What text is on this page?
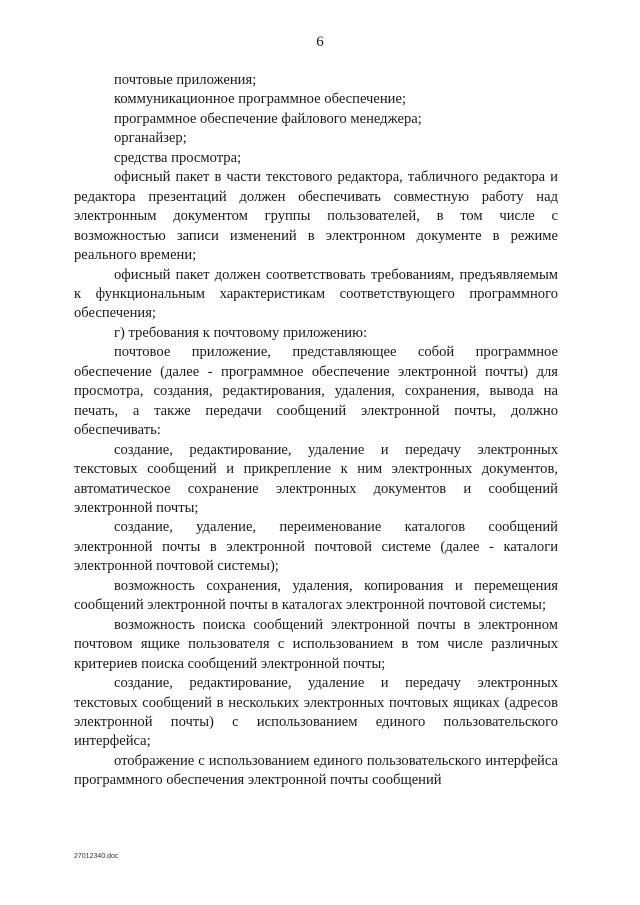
6

почтовые приложения;

коммуникационное программное обеспечение;

программное обеспечение файлового менеджера;

органайзер;

средства просмотра;

офисный пакет в части текстового редактора, табличного редактора и редактора презентаций должен обеспечивать совместную работу над электронным документом группы пользователей, в том числе с возможностью записи изменений в электронном документе в режиме реального времени;

офисный пакет должен соответствовать требованиям, предъявляемым к функциональным характеристикам соответствующего программного обеспечения;

г) требования к почтовому приложению:

почтовое приложение, представляющее собой программное обеспечение (далее - программное обеспечение электронной почты) для просмотра, создания, редактирования, удаления, сохранения, вывода на печать, а также передачи сообщений электронной почты, должно обеспечивать:

создание, редактирование, удаление и передачу электронных текстовых сообщений и прикрепление к ним электронных документов, автоматическое сохранение электронных документов и сообщений электронной почты;

создание, удаление, переименование каталогов сообщений электронной почты в электронной почтовой системе (далее - каталоги электронной почтовой системы);

возможность сохранения, удаления, копирования и перемещения сообщений электронной почты в каталогах электронной почтовой системы;

возможность поиска сообщений электронной почты в электронном почтовом ящике пользователя с использованием в том числе различных критериев поиска сообщений электронной почты;

создание, редактирование, удаление и передачу электронных текстовых сообщений в нескольких электронных почтовых ящиках (адресов электронной почты) с использованием единого пользовательского интерфейса;

отображение с использованием единого пользовательского интерфейса программного обеспечения электронной почты сообщений

27012340.doc
